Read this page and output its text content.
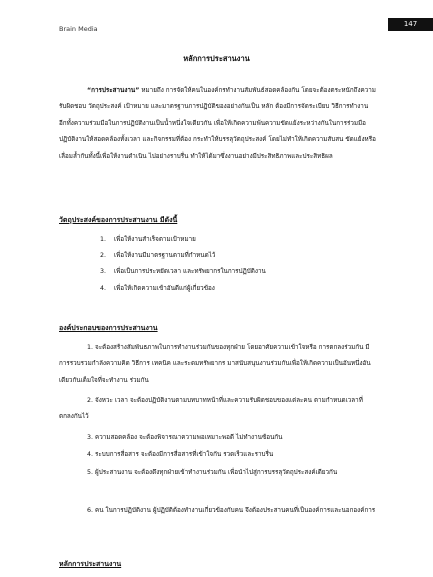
Brain Media
147
หลักการประสานงาน

“การประสานงาน” หมายถึง การจัดให้คนในองค์กรทำงานสัมพันธ์สอดคล้องกัน โดยจะต้องตระหนักถึงความรับผิดชอบ วัตถุประสงค์ เป้าหมาย และมาตรฐานการปฏิบัติของอย่างกันเป็น หลัก ต้องมีการจัดระเบียบ วิธีการทำงาน อีกทั้งความร่วมมือในการปฏิบัติงานเป็นน้ำหนึ่งใจเดียวกัน เพื่อให้เกิดความพ้นความขัดแย้งระหว่างกันในการร่วมมือปฏิบัติงานให้สอดคล้องทั้งเวลา และกิจกรรมที่ต้อง กระทำให้บรรลุวัตถุประสงค์ โดยไม่ทำให้เกิดความสับสน ขัดแย้งหรือเลื่อมล้ำกันทั้งนี้เพื่อให้งานดำเนิน ไปอย่างราบรื่น ทำให้ได้มาซึ่งงานอย่างมีประสิทธิภาพและประสิทธิผล

วัตถุประสงค์ของการประสานงาน มีดังนี้
1.	เพื่อให้งานสำเร็จตามเป้าหมาย
2.	เพื่อให้งานมีมาตรฐานตามที่กำหนดไว้
3.	เพื่อเป็นการประหยัดเวลา และทรัพยากรในการปฏิบัติงาน
4.	เพื่อให้เกิดความเข้าอันดีแก่ผู้เกี่ยวข้อง
องค์ประกอบของการประสานงาน

1. จะต้องสร้างสัมพันธภาพในการทำงานร่วมกันของทุกฝ่าย โดยอาศัยความเข้าใจหรือ การตกลงร่วมกัน มีการรวบรวมกำลังความคิด วิธีการ เทคนิค และระดมทรัพยากร มาสนับสนุนงานร่วมกันเพื่อให้เกิดความเป็นอันหนึ่งอันเดียวกันเต็มใจที่จะทำงาน ร่วมกัน

2. จังหวะ เวลา จะต้องปฏิบัติงานตามบทบาทหน้าที่และความรับผิดชอบของแต่ละคน ตามกำหนดเวลาที่ตกลงกันไว้

3. ความสอดคล้อง จะต้องพิจารณาความพอเหมาะพอดี ไม่ทำงานซ้อนกัน

4. ระบบการสื่อสาร จะต้องมีการสื่อสารที่เข้าใจกัน รวดเร็วและราบรื่น

5. ผู้ประสานงาน จะต้องดึงทุกฝ่ายเข้าทำงานร่วมกัน เพื่อนำไปสู่การบรรลุวัตถุประสงค์เดียวกัน

6. คน ในการปฏิบัติงาน ผู้ปฏิบัติต้องทำงานเกี่ยวข้องกับคน จึงต้องประสานคนที่เป็นองค์การและนอกองค์การ

หลักการประสานงาน
